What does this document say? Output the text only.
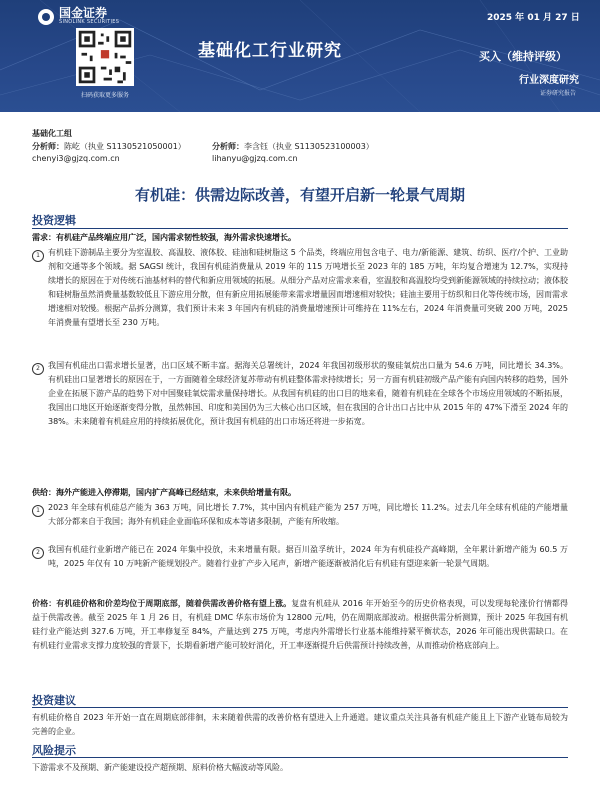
国金证券
SINOLINK SECURITIES
扫码获取更多服务
2025 年 01 月 27 日
基础化工行业研究	买入（维持评级）
行业深度研究
证券研究报告
基础化工组
分析师：陈屹（执业 S1130521050001）	分析师：李含钰（执业 S1130523100003）
chenyi3@gjzq.com.cn	lihanyu@gjzq.com.cn
有机硅：供需边际改善，有望开启新一轮景气周期
投资逻辑
需求：有机硅产品终端应用广泛，国内需求韧性较强，海外需求快速增长。
1	有机硅下游制品主要分为室温胶、高温胶、液体胶、硅油和硅树脂这 5 个品类，终端应用包含电子、电力/新能源、建筑、纺织、医疗/个护、工业助剂和交通等多个领域。据 SAGSI 统计，我国有机硅消费量从 2019 年的 115 万吨增长至 2023 年的 185 万吨，年均复合增速为 12.7%，实现持续增长的原因在于对传统石油基材料的替代和新应用领域的拓展。从细分产品对应需求来看，室温胶和高温胶均受到新能源领域的持续拉动；液体胶和硅树脂虽然消费量基数较低且下游应用分散，但有新应用拓展能带来需求增量因而增速相对较快；硅油主要用于纺织和日化等传统市场，因而需求增速相对较慢。根据产品拆分测算，我们预计未来 3 年国内有机硅的消费量增速预计可维持在 11%左右，2024 年消费量可突破 200 万吨，2025 年消费量有望增长至 230 万吨。
2	我国有机硅出口需求增长显著，出口区域不断丰富。据海关总署统计，2024 年我国初级形状的聚硅氧烷出口量为 54.6 万吨，同比增长 34.3%。有机硅出口显著增长的原因在于，一方面随着全球经济复苏带动有机硅整体需求持续增长；另一方面有机硅初级产品产能有向国内转移的趋势，国外企业在拓展下游产品的趋势下对中国聚硅氧烷需求量保持增长。从我国有机硅的出口目的地来看，随着有机硅在全球各个市场应用领域的不断拓展，我国出口地区开始逐渐变得分散，虽然韩国、印度和美国仍为三大核心出口区域，但在我国的合计出口占比中从 2015 年的 47%下滑至 2024 年的 38%。未来随着有机硅应用的持续拓展优化，预计我国有机硅的出口市场还将进一步拓宽。
供给：海外产能进入停滞期，国内扩产高峰已经结束，未来供给增量有限。
1	2023 年全球有机硅总产能为 363 万吨，同比增长 7.7%，其中国内有机硅产能为 257 万吨，同比增长 11.2%。过去几年全球有机硅的产能增量大部分都来自于我国；海外有机硅企业面临环保和成本等诸多限制，产能有所收缩。
2	我国有机硅行业新增产能已在 2024 年集中投放，未来增量有限。据百川盈孚统计，2024 年为有机硅投产高峰期，全年累计新增产能为 60.5 万吨，2025 年仅有 10 万吨新产能规划投产。随着行业扩产步入尾声，新增产能逐渐被消化后有机硅有望迎来新一轮景气周期。
价格：有机硅价格和价差均位于周期底部，随着供需改善价格有望上涨。复盘有机硅从 2016 年开始至今的历史价格表现，可以发现每轮涨价行情都得益于供需改善。截至 2025 年 1 月 26 日，有机硅 DMC 华东市场价为 12800 元/吨，仍在周期底部波动。根据供需分析测算，预计 2025 年我国有机硅行业产能达到 327.6 万吨，开工率修复至 84%，产量达到 275 万吨，考虑内外需增长行业基本能维持紧平衡状态，2026 年可能出现供需缺口。在有机硅行业需求支撑力度较强的背景下，长期看新增产能可较好消化，开工率逐渐提升后供需预计持续改善，从而推动价格底部向上。
投资建议
有机硅价格自 2023 年开始一直在周期底部徘徊，未来随着供需的改善价格有望进入上升通道。建议重点关注具备有机硅产能且上下游产业链布局较为完善的企业。
风险提示
下游需求不及预期、新产能建设投产超预期、原料价格大幅波动等风险。
